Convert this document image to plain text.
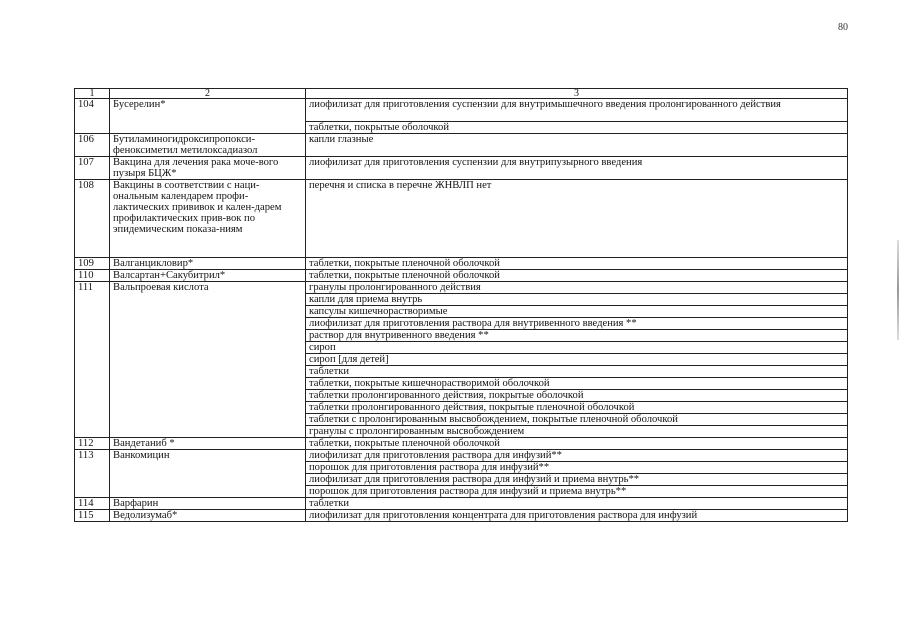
80
1	2	3
104	Бусерелин*	лиофилизат для приготовления суспензии для внутримышечного введения пролонгированного действия
		таблетки, покрытые оболочкой
106	Бутиламиногидроксипропокси-феноксиметил метилоксадиазол	капли глазные
107	Вакцина для лечения рака моче-вого пузыря БЦЖ*	лиофилизат для приготовления суспензии для внутрипузырного введения
108	Вакцины в соответствии с наци-ональным календарем профи-лактических прививок и кален-дарем профилактических прив-вок по эпидемическим показа-ниям	перечня и списка в перечне ЖНВЛП нет
109	Валганцикловир*	таблетки, покрытые пленочной оболочкой
110	Валсартан+Сакубитрил*	таблетки, покрытые пленочной оболочкой
111	Вальпроевая кислота	гранулы пролонгированного действия
		капли для приема внутрь
		капсулы кишечнорастворимые
		лиофилизат для приготовления раствора для внутривенного введения **
		раствор для внутривенного введения **
		сироп
		сироп [для детей]
		таблетки
		таблетки, покрытые кишечнорастворимой оболочкой
		таблетки пролонгированного действия, покрытые оболочкой
		таблетки пролонгированного действия, покрытые пленочной оболочкой
		таблетки с пролонгированным высвобождением, покрытые пленочной оболочкой
		гранулы с пролонгированным высвобождением
112	Вандетаниб *	таблетки, покрытые пленочной оболочкой
113	Ванкомицин	лиофилизат для приготовления раствора для инфузий**
		порошок для приготовления раствора для инфузий**
		лиофилизат для приготовления раствора для инфузий и приема внутрь**
		порошок для приготовления раствора для инфузий и приема внутрь**
114	Варфарин	таблетки
115	Ведолизумаб*	лиофилизат для приготовления концентрата для приготовления раствора для инфузий
